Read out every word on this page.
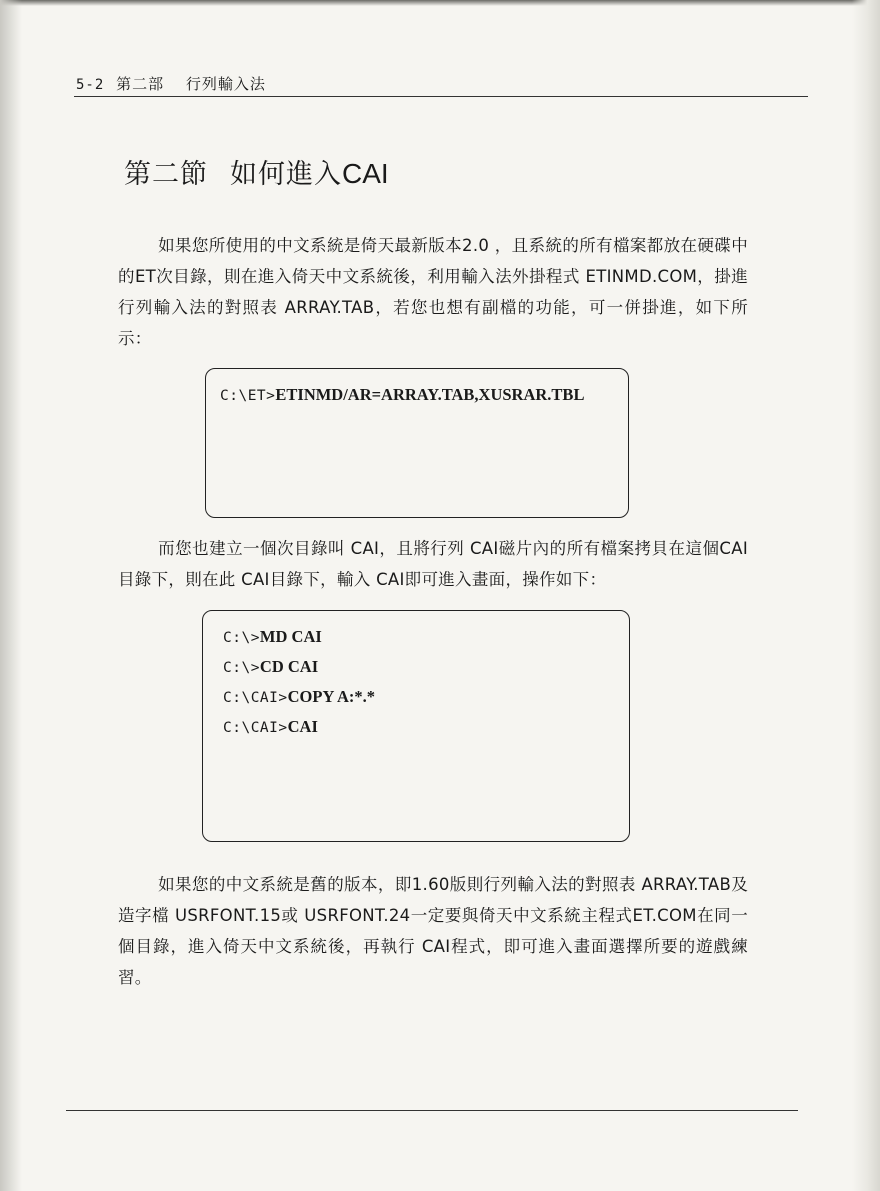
5-2 第二部 行列輸入法
第二節 如何進入CAI

如果您所使用的中文系統是倚天最新版本2.0 ，且系統的所有檔案都放在硬碟中的ET次目錄，則在進入倚天中文系統後，利用輸入法外掛程式 ETINMD.COM，掛進行列輸入法的對照表 ARRAY.TAB，若您也想有副檔的功能，可一併掛進，如下所示：

C:\ET>ETINMD/AR=ARRAY.TAB,XUSRAR.TBL

而您也建立一個次目錄叫 CAI，且將行列 CAI磁片內的所有檔案拷貝在這個CAI目錄下，則在此 CAI目錄下，輸入 CAI即可進入畫面，操作如下：

C:\>MD CAI
C:\>CD CAI
C:\CAI>COPY A:*.*
C:\CAI>CAI

如果您的中文系統是舊的版本，即1.60版則行列輸入法的對照表 ARRAY.TAB及造字檔 USRFONT.15或 USRFONT.24一定要與倚天中文系統主程式ET.COM在同一個目錄，進入倚天中文系統後，再執行 CAI程式，即可進入畫面選擇所要的遊戲練習。
